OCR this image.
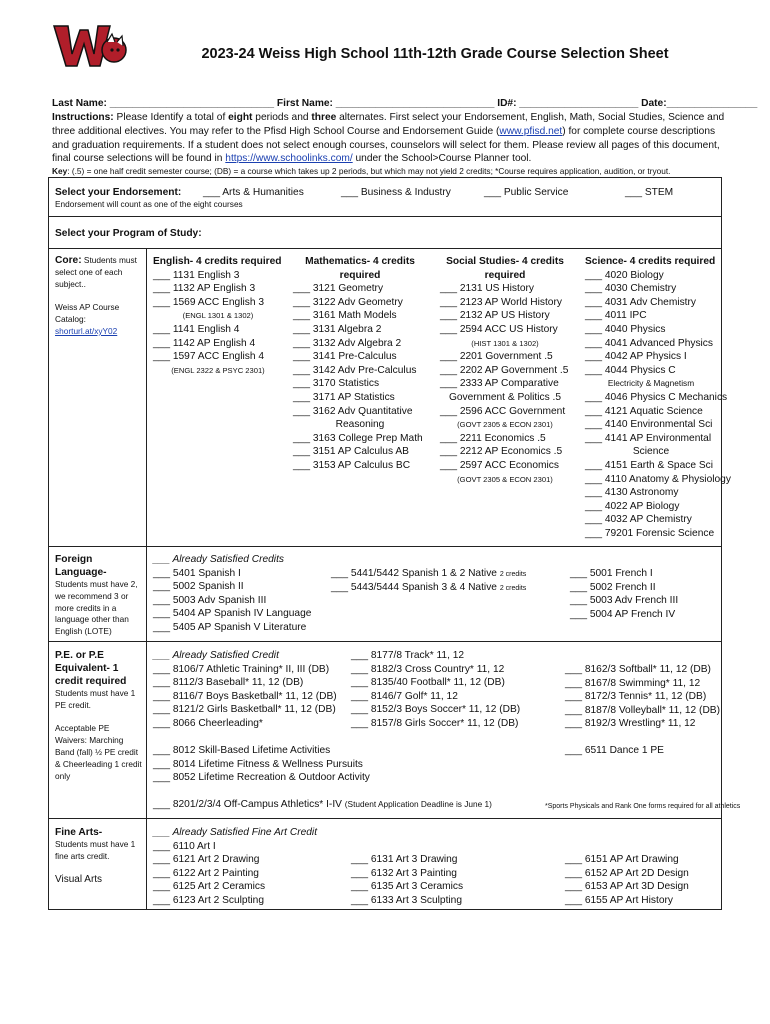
2023-24 Weiss High School 11th-12th Grade Course Selection Sheet
Last Name: _____________________________ First Name: ____________________________ ID#: _____________________ Date:________________
Instructions: Please Identify a total of eight periods and three alternates. First select your Endorsement, English, Math, Social Studies, Science and three additional electives. You may refer to the Pfisd High School Course and Endorsement Guide (www.pfisd.net) for complete course descriptions and graduation requirements. If a student does not select enough courses, counselors will select for them. Please review all pages of this document, final course selections will be found in https://www.schoolinks.com/ under the School>Course Planner tool.
Key: (.5) = one half credit semester course; (DB) = a course which takes up 2 periods, but which may not yield 2 credits; *Course requires application, audition, or tryout.
Select your Endorsement: ___ Arts & Humanities	___ Business & Industry	___ Public Service	___ STEM
Endorsement will count as one of the eight courses
Select your Program of Study:
Core: Students must
select one of each subject..

Weiss AP Course Catalog:
shorturl.at/xyY02
English- 4 credits required
___ 1131 English 3
___ 1132 AP English 3
___ 1569 ACC English 3
(ENGL 1301 & 1302)
___ 1141 English 4
___ 1142 AP English 4
___ 1597 ACC English 4
(ENGL 2322 & PSYC 2301)
Mathematics- 4 credits
required
___ 3121 Geometry
___ 3122 Adv Geometry
___ 3161 Math Models
___ 3131 Algebra 2
___ 3132 Adv Algebra 2
___ 3141 Pre-Calculus
___ 3142 Adv Pre-Calculus
___ 3170 Statistics
___ 3171 AP Statistics
___ 3162 Adv Quantitative
Reasoning
___ 3163 College Prep Math
___ 3151 AP Calculus AB
___ 3153 AP Calculus BC
Social Studies- 4 credits
required
___ 2131 US History
___ 2123 AP World History
___ 2132 AP US History
___ 2594 ACC US History
(HIST 1301 & 1302)
___ 2201 Government .5
___ 2202 AP Government .5
___ 2333 AP Comparative
Government & Politics .5
___ 2596 ACC Government
(GOVT 2305 & ECON 2301)
___ 2211 Economics .5
___ 2212 AP Economics .5
___ 2597 ACC Economics
(GOVT 2305 & ECON 2301)
Science- 4 credits required
___ 4020 Biology
___ 4030 Chemistry
___ 4031 Adv Chemistry
___ 4011 IPC
___ 4040 Physics
___ 4041 Advanced Physics
___ 4042 AP Physics I
___ 4044 Physics C
Electricity & Magnetism
___ 4046 Physics C Mechanics
___ 4121 Aquatic Science
___ 4140 Environmental Sci
___ 4141 AP Environmental
Science
___ 4151 Earth & Space Sci
___ 4110 Anatomy & Physiology
___ 4130 Astronomy
___ 4022 AP Biology
___ 4032 AP Chemistry
___ 79201 Forensic Science
Foreign Language-
Students must have 2, we recommend 3 or more credits in a language other than English (LOTE)
___ Already Satisfied Credits
___ 5401 Spanish I
___ 5002 Spanish II
___ 5003 Adv Spanish III
___ 5404 AP Spanish IV Language
___ 5405 AP Spanish V Literature
___ 5441/5442 Spanish 1 & 2 Native 2 credits
___ 5443/5444 Spanish 3 & 4 Native 2 credits
___ 5001 French I
___ 5002 French II
___ 5003 Adv French III
___ 5004 AP French IV
P.E. or P.E
Equivalent- 1
credit required
Students must have 1 PE credit.

Acceptable PE Waivers: Marching Band (fall) ½ PE credit & Cheerleading 1 credit only
___ Already Satisfied Credit
___ 8106/7 Athletic Training* II, III (DB)
___ 8112/3 Baseball* 11, 12 (DB)
___ 8116/7 Boys Basketball* 11, 12 (DB)
___ 8121/2 Girls Basketball* 11, 12 (DB)
___ 8066 Cheerleading*
___ 8177/8 Track* 11, 12
___ 8182/3 Cross Country* 11, 12
___ 8135/40 Football* 11, 12 (DB)
___ 8146/7 Golf* 11, 12
___ 8152/3 Boys Soccer* 11, 12 (DB)
___ 8157/8 Girls Soccer* 11, 12 (DB)
___ 8162/3 Softball* 11, 12 (DB)
___ 8167/8 Swimming* 11, 12
___ 8172/3 Tennis* 11, 12 (DB)
___ 8187/8 Volleyball* 11, 12 (DB)
___ 8192/3 Wrestling* 11, 12
___ 8012 Skill-Based Lifetime Activities
___ 8014 Lifetime Fitness & Wellness Pursuits
___ 8052 Lifetime Recreation & Outdoor Activity
___ 6511 Dance 1 PE
___ 8201/2/3/4 Off-Campus Athletics* I-IV (Student Application Deadline is June 1)	*Sports Physicals and Rank One forms required for all athletics
Fine Arts-
Students must have 1 fine arts credit.

Visual Arts
___ Already Satisfied Fine Art Credit
___ 6110 Art I
___ 6121 Art 2 Drawing
___ 6122 Art 2 Painting
___ 6125 Art 2 Ceramics
___ 6123 Art 2 Sculpting
___ 6131 Art 3 Drawing
___ 6132 Art 3 Painting
___ 6135 Art 3 Ceramics
___ 6133 Art 3 Sculpting
___ 6151 AP Art Drawing
___ 6152 AP Art 2D Design
___ 6153 AP Art 3D Design
___ 6155 AP Art History
